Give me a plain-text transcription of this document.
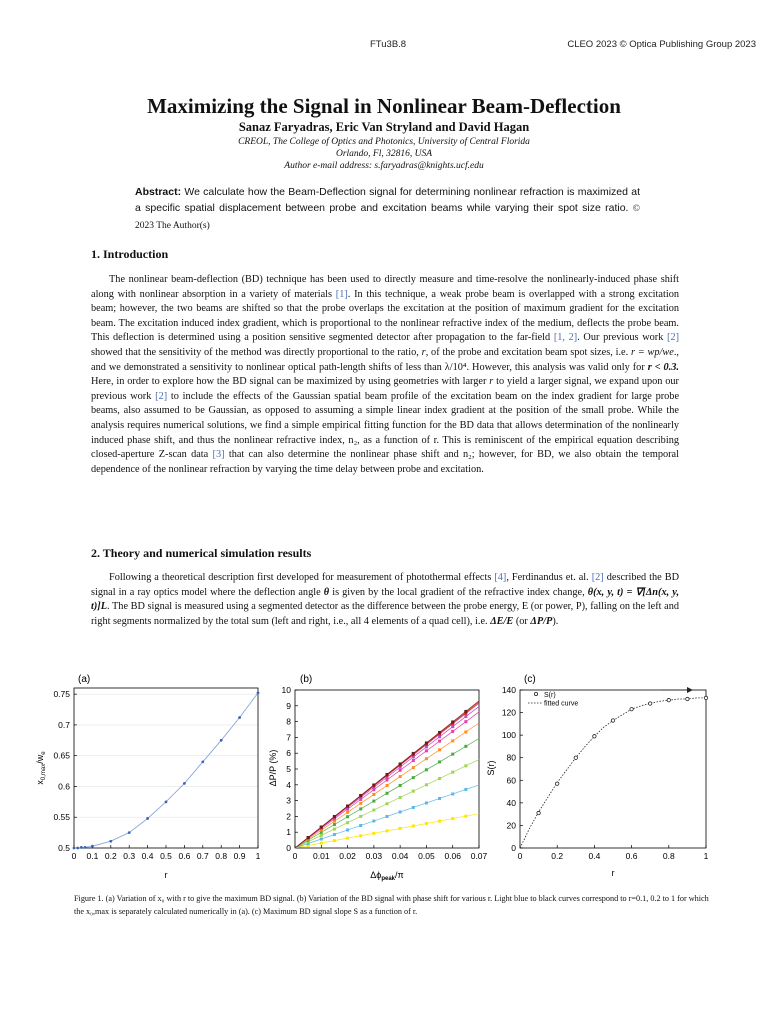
FTu3B.8	CLEO 2023 © Optica Publishing Group 2023
Maximizing the Signal in Nonlinear Beam-Deflection
Sanaz Faryadras, Eric Van Stryland and David Hagan
CREOL, The College of Optics and Photonics, University of Central Florida
Orlando, Fl, 32816, USA
Author e-mail address: s.faryadras@knights.ucf.edu
Abstract: We calculate how the Beam-Deflection signal for determining nonlinear refraction is maximized at a specific spatial displacement between probe and excitation beams while varying their spot size ratio. © 2023 The Author(s)
1. Introduction

The nonlinear beam-deflection (BD) technique has been used to directly measure and time-resolve the nonlinearly-induced phase shift along with nonlinear absorption in a variety of materials [1]. In this technique, a weak probe beam is overlapped with a strong excitation beam; however, the two beams are shifted so that the probe overlaps the excitation at the position of maximum gradient for the excitation beam. The excitation induced index gradient, which is proportional to the nonlinear refractive index of the medium, deflects the probe beam. This deflection is determined using a position sensitive segmented detector after propagation to the far-field [1, 2]. Our previous work [2] showed that the sensitivity of the method was directly proportional to the ratio, r, of the probe and excitation beam spot sizes, i.e. r = wp/we., and we demonstrated a sensitivity to nonlinear optical path-length shifts of less than λ/10⁴. However, this analysis was valid only for r < 0.3. Here, in order to explore how the BD signal can be maximized by using geometries with larger r to yield a larger signal, we expand upon our previous work [2] to include the effects of the Gaussian spatial beam profile of the excitation beam on the index gradient for large probe beams, also assumed to be Gaussian, as opposed to assuming a simple linear index gradient at the position of the small probe. While the analysis requires numerical solutions, we find a simple empirical fitting function for the BD data that allows determination of the nonlinearly induced phase shift, and thus the nonlinear refractive index, n₂, as a function of r. This is reminiscent of the empirical equation describing closed-aperture Z-scan data [3] that can also determine the nonlinear phase shift and n₂; however, for BD, we also obtain the temporal dependence of the nonlinear refraction by varying the time delay between probe and excitation.

2. Theory and numerical simulation results

Following a theoretical description first developed for measurement of photothermal effects [4], Ferdinandus et. al. [2] described the BD signal in a ray optics model where the deflection angle θ is given by the local gradient of the refractive index change, θ(x, y, t) = ∇[Δn(x, y, t)]L. The BD signal is measured using a segmented detector as the difference between the probe energy, E (or power, P), falling on the left and right segments normalized by the total sum (left and right, i.e., all 4 elements of a quad cell), i.e. ΔE/E (or ΔP/P).

(a)
0 0.1 0.2 0.3 0.4 0.5 0.6 0.7 0.8 0.9 1
0.5
0.55
0.6
0.65
0.7
0.75
r
$x_{0,max}/w_e$
(b)
0 0.01 0.02 0.03 0.04 0.05 0.06 0.07
0
1
2
3
4
5
6
7
8
9
10
$\Delta\phi_{peak}/\pi$
ΔP/P (%)
(c)
0	0.2	0.4	0.6	0.8	1
0
20
40
60
80
100
120
140
S(r)
fitted curve
r
S(r)
Figure 1. (a) Variation of x₀ with r to give the maximum BD signal. (b) Variation of the BD signal with phase shift for various r. Light blue to black curves correspond to r=0.1, 0.2 to 1 for which the x₀,max is separately calculated numerically in (a). (c) Maximum BD signal slope S as a function of r.
